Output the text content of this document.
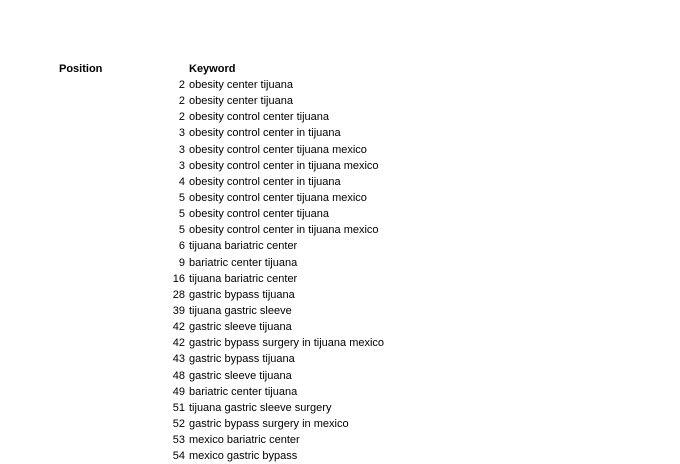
Position	Keyword
2 obesity center tijuana
2 obesity center tijuana
2 obesity control center tijuana
3 obesity control center in tijuana
3 obesity control center tijuana mexico
3 obesity control center in tijuana mexico
4 obesity control center in tijuana
5 obesity control center tijuana mexico
5 obesity control center tijuana
5 obesity control center in tijuana mexico
6 tijuana bariatric center
9 bariatric center tijuana
16 tijuana bariatric center
28 gastric bypass tijuana
39 tijuana gastric sleeve
42 gastric sleeve tijuana
42 gastric bypass surgery in tijuana mexico
43 gastric bypass tijuana
48 gastric sleeve tijuana
49 bariatric center tijuana
51 tijuana gastric sleeve surgery
52 gastric bypass surgery in mexico
53 mexico bariatric center
54 mexico gastric bypass
